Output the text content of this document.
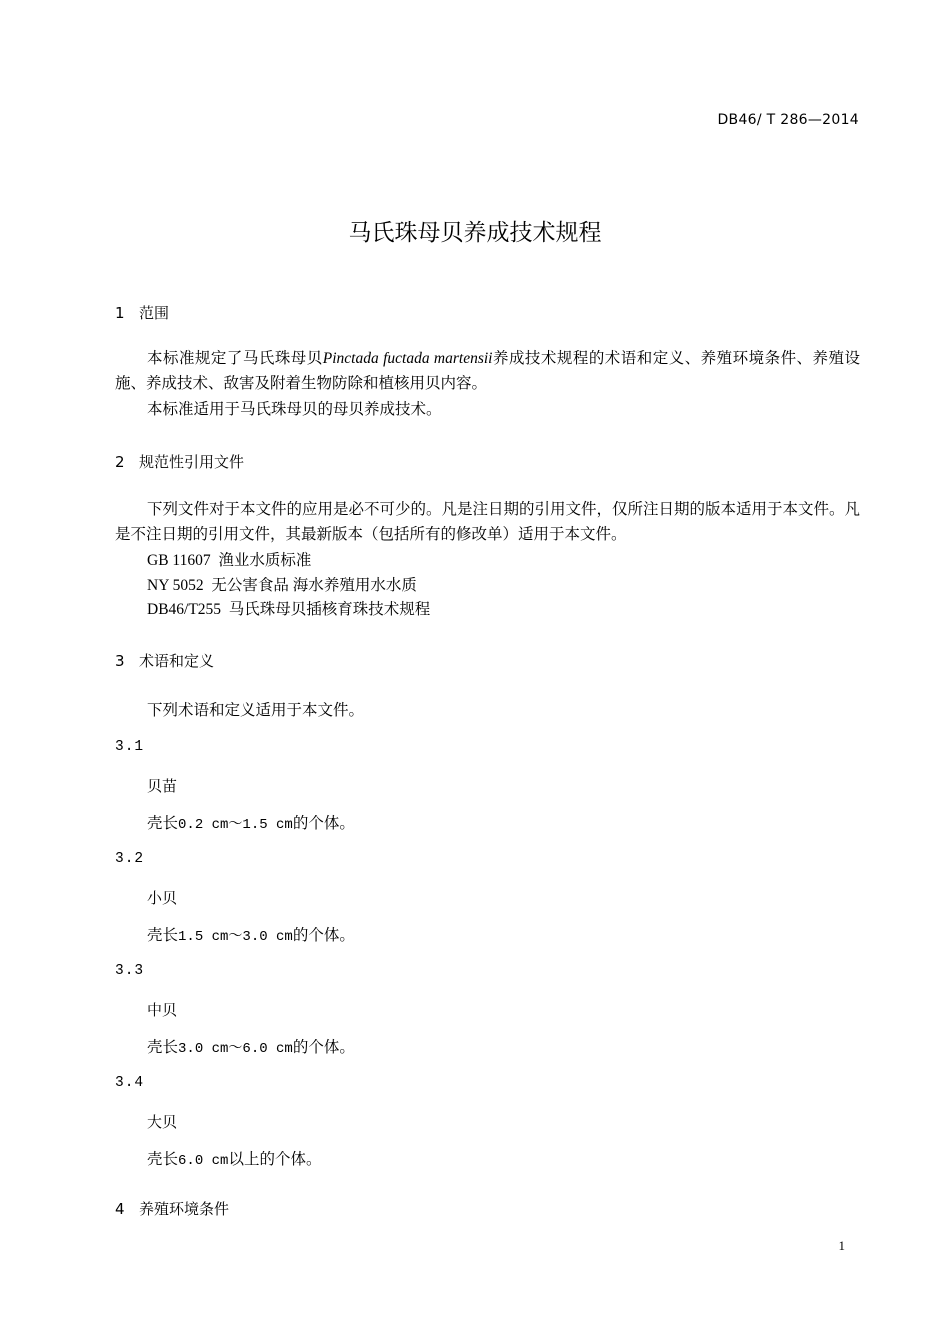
DB46/ T 286—2014
马氏珠母贝养成技术规程
1 范围

本标准规定了马氏珠母贝Pinctada fuctada martensii养成技术规程的术语和定义、养殖环境条件、养殖设施、养成技术、敌害及附着生物防除和植核用贝内容。

本标准适用于马氏珠母贝的母贝养成技术。

2 规范性引用文件

下列文件对于本文件的应用是必不可少的。凡是注日期的引用文件，仅所注日期的版本适用于本文件。凡是不注日期的引用文件，其最新版本（包括所有的修改单）适用于本文件。

GB 11607  渔业水质标准
NY 5052  无公害食品 海水养殖用水水质
DB46/T255  马氏珠母贝插核育珠技术规程
3 术语和定义
下列术语和定义适用于本文件。
3.1
贝苗
壳长0.2 cm～1.5 cm的个体。
3.2
小贝
壳长1.5 cm～3.0 cm的个体。
3.3
中贝
壳长3.0 cm～6.0 cm的个体。
3.4
大贝
壳长6.0 cm以上的个体。
4 养殖环境条件
1
